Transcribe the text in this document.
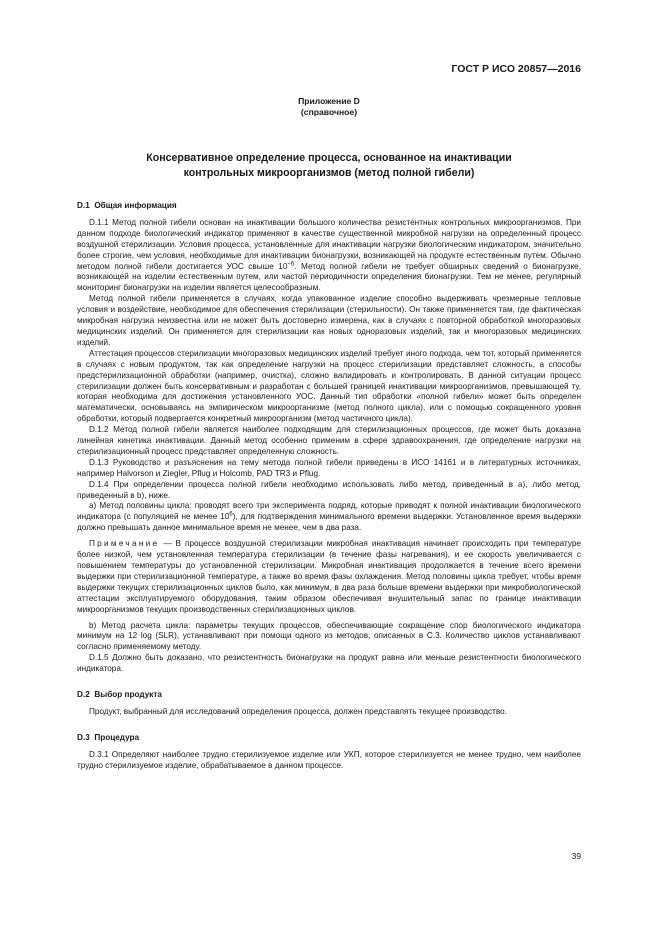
ГОСТ Р ИСО 20857—2016
Приложение D
(справочное)
Консервативное определение процесса, основанное на инактивации
контрольных микроорганизмов (метод полной гибели)
D.1 Общая информация

D.1.1 Метод полной гибели основан на инактивации большого количества резистентных контрольных микроорганизмов. При данном подходе биологический индикатор применяют в качестве существенной микробной нагрузки на определенный процесс воздушной стерилизации. Условия процесса, установленные для инактивации нагрузки биологическим индикатором, значительно более строгие, чем условия, необходимые для инактивации бионагрузки, возникающей на продукте естественным путем. Обычно методом полной гибели достигается УОС свыше $10^{-6}$. Метод полной гибели не требует обширных сведений о бионагрузке, возникающей на изделии естественным путем, или частой периодичности определения бионагрузки. Тем не менее, регулярный мониторинг бионагрузки на изделии является целесообразным.

Метод полной гибели применяется в случаях, когда упакованное изделие способно выдерживать чрезмерные тепловые условия и воздействие, необходимое для обеспечения стерилизации (стерильности). Он также применяется там, где фактическая микробная нагрузка неизвестна или не может быть достоверно измерена, как в случаях с повторной обработкой многоразовых медицинских изделий. Он применяется для стерилизации как новых одноразовых изделий, так и многоразовых медицинских изделий.

Аттестация процессов стерилизации многоразовых медицинских изделий требует иного подхода, чем тот, который применяется в случаях с новым продуктом, так как определение нагрузки на процесс стерилизации представляет сложность, а способы предстерилизационной обработки (например, очистка), сложно валидировать и контролировать. В данной ситуации процесс стерилизации должен быть консервативным и разработан с большей границей инактивации микроорганизмов, превышающей ту, которая необходима для достижения установленного УОС. Данный тип обработки «полной гибели» может быть определен математически, основываясь на эмпирическом микроорганизме (метод полного цикла), или с помощью сокращенного уровня обработки, который подвергается конкретный микроорганизм (метод частичного цикла).

D.1.2 Метод полной гибели является наиболее подходящим для стерилизационных процессов, где может быть доказана линейная кинетика инактивации. Данный метод особенно применим в сфере здравоохранения, где определение нагрузки на стерилизационный процесс представляет определенную сложность.

D.1.3 Руководство и разъяснения на тему метода полной гибели приведены в ИСО 14161 и в литературных источниках, например Halvorson и Ziegler, Pflug и Holcomb, PAD TR3 и Pflug.

D.1.4 При определении процесса полной гибели необходимо использовать либо метод, приведенный в а), либо метод, приведенный в b), ниже.

а) Метод половины цикла: проводят всего три эксперимента подряд, которые приводят к полной инактивации биологического индикатора (с популяцией не менее $10^6$), для подтверждения минимального времени выдержки. Установленное время выдержки должно превышать данное минимальное время не менее, чем в два раза.

Примечание — В процессе воздушной стерилизации микробная инактивация начинает происходить при температуре более низкой, чем установленная температура стерилизации (в течение фазы нагревания), и ее скорость увеличивается с повышением температуры до установленной стерилизации. Микробная инактивация продолжается в течение всего времени выдержки при стерилизационной температуре, а также во время фазы охлаждения. Метод половины цикла требует, чтобы время выдержки текущих стерилизационных циклов было, как минимум, в два раза больше времени выдержки при микробиологической аттестации эксплуатируемого оборудования, таким образом обеспечивая внушительный запас по границе инактивации микроорганизмов текущих производственных стерилизационных циклов.

b) Метод расчета цикла: параметры текущих процессов, обеспечивающие сокращение спор биологического индикатора минимум на 12 log (SLR), устанавливают при помощи одного из методов, описанных в С.3. Количество циклов устанавливают согласно применяемому методу.

D.1.5 Должно быть доказано, что резистентность бионагрузки на продукт равна или меньше резистентности биологического индикатора.

D.2 Выбор продукта

Продукт, выбранный для исследований определения процесса, должен представлять текущее производство.

D.3 Процедура

D.3.1 Определяют наиболее трудно стерилизуемое изделие или УКП, которое стерилизуется не менее трудно, чем наиболее трудно стерилизуемое изделие, обрабатываемое в данном процессе.

39
